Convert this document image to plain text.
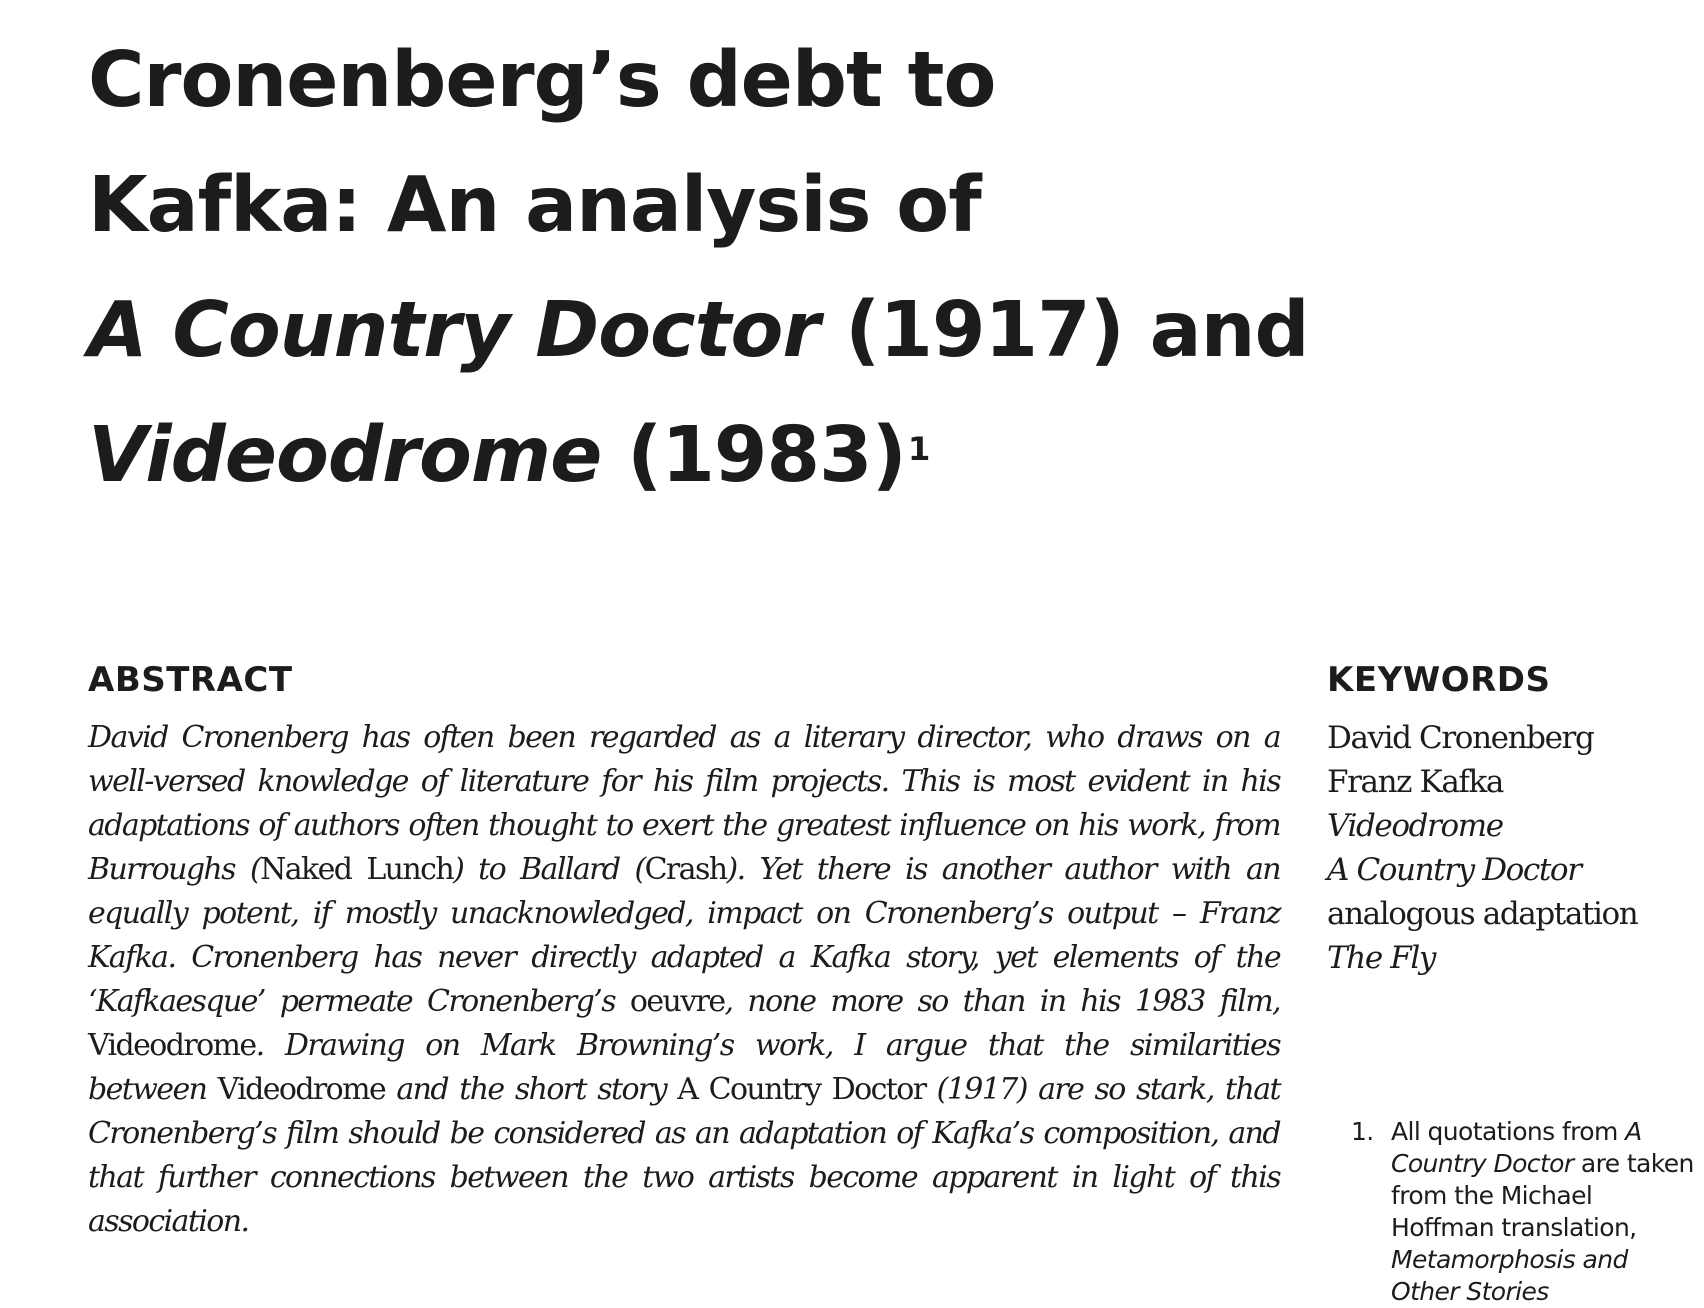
Cronenberg’s debt to
Kafka: An analysis of
A Country Doctor (1917) and
Videodrome $(1983)^1$
ABSTRACT

David Cronenberg has often been regarded as a literary director, who draws on a well-versed knowledge of literature for his film projects. This is most evident in his adaptations of authors often thought to exert the greatest influence on his work, from Burroughs (Naked Lunch) to Ballard (Crash). Yet there is another author with an equally potent, if mostly unacknowledged, impact on Cronenberg’s output – Franz Kafka. Cronenberg has never directly adapted a Kafka story, yet elements of the ‘Kafkaesque’ permeate Cronenberg’s oeuvre, none more so than in his 1983 film, Videodrome. Drawing on Mark Browning’s work, I argue that the similarities between Videodrome and the short story A Country Doctor (1917) are so stark, that Cronenberg’s film should be considered as an adaptation of Kafka’s composition, and that further connections between the two artists become apparent in light of this association.

KEYWORDS
David Cronenberg
Franz Kafka
Videodrome
A Country Doctor
analogous adaptation
The Fly
1. All quotations from A Country Doctor are taken from the Michael Hoffman translation, Metamorphosis and Other Stories
